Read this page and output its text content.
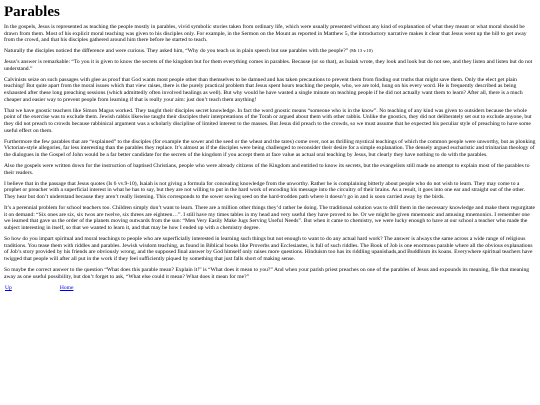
Parables

In the gospels, Jesus is represented as teaching the people mostly in parables, vivid symbolic stories taken from ordinary life, which were usually presented without any kind of explanation of what they meant or what moral should be drawn from them. Most of his explicit moral teaching was given to his disciples only. For example, in the Sermon on the Mount as reported in Matthew 5, the introductory narrative makes it clear that Jesus went up the hill to get away from the crowd, and that his disciples gathered around him there before he started to teach.

Naturally the disciples noticed the difference and were curious. They asked him, “Why do you teach us in plain speech but use parables with the people?” (Mt 13 v.10)

Jesus’s answer is remarkable: “To you it is given to know the secrets of the kingdom but for them everything comes in parables. Because (or so that), as Isaiah wrote, they look and look but do not see, and they listen and listen but do not understand.”

Calvinists seize on such passages with glee as proof that God wants most people other than themselves to be damned and has taken precautions to prevent them from finding out truths that might save them. Only the elect get plain teaching! But quite apart from the moral issues which that view raises, there is the purely practical problem that Jesus spent hours teaching the people, who, we are told, hung on his every word. He is frequently described as being exhausted after these long preaching sessions (which admittedly often involved healings as well). But why would he have wasted a single minute on teaching people if he did not actually want them to learn? After all, there is a much cheaper and easier way to prevent people from learning if that is really your aim: just don’t teach them anything!

That we have gnostic teachers like Simon Magus worked. They taught their disciples secret knowledge. In fact the word gnostic means “someone who is in the know”. No teaching of any kind was given to outsiders because the whole point of the exercise was to exclude them. Jewish rabbis likewise taught their disciples their interpretations of the Torah or argued about them with other rabbis. Unlike the gnostics, they did not deliberately set out to exclude anyone, but they did not preach to crowds because rabbinical argument was a scholarly discipline of limited interest to the masses. But Jesus did preach to the crowds, so we must assume that he expected his peculiar style of preaching to have some useful effect on them.

Furthermore the few parables that are “explained” to the disciples (for example the sower and the seed or the wheat and the tares) come over, not as thrilling mystical teachings of which the common people were unworthy, but as plonking Victorian-style allegories, far less interesting than the parables they replace. It’s almost as if the disciples were being challenged to reconsider their desire for a simple explanation. The densely argued eucharistic and trinitarian theology of the dialogues in the Gospel of John would be a far better candidate for the secrets of the kingdom if you accept them at face value as actual oral teaching by Jesus, but clearly they have nothing to do with the parables.

Also the gospels were written down for the instruction of baptised Christians, people who were already citizens of the Kingdom and entitled to know its secrets, but the evangelists still made no attempt to explain most of the parables to their readers.

I believe that in the passage that Jesus quotes (Is 6 vv.9-10), Isaiah is not giving a formula for concealing knowledge from the unworthy. Rather he is complaining bitterly about people who do not wish to learn. They may come to a prophet or preacher with a superficial interest in what he has to say, but they are not willing to put in the hard work of encoding his message into the circuitry of their brains. As a result, it goes into one ear and straight out of the other. They hear but don’t understand because they aren’t really listening. This corresponds to the sower sowing seed on the hard-trodden path where it doesn’t go in and is soon carried away by the birds.

It’s a perennial problem for school teachers too. Children simply don’t want to learn. There are a million other things they’d rather be doing. The traditional solution was to drill them in the necessary knowledge and make them regurgitate it on demand: “Six ones are six, six twos are twelve, six threes are eighteen…”. I still have my times tables in my head and very useful they have proved to be. Or we might be given mnemonic and amusing mnemonics. I remember one we learned that gave us the order of the planets moving outwards from the sun: “Men Very Easily Make Jugs Serving Useful Needs”. But when it came to chemistry, we were lucky enough to have at our school a teacher who made the subject interesting in itself, so that we wanted to learn it, and that may be how I ended up with a chemistry degree.

So how do you impart spiritual and moral teachings to people who are superficially interested in learning such things but not enough to want to do any actual hard work? The answer is always the same across a wide range of religious traditions. You tease them with riddles and parables. Jewish wisdom teaching, as found in Biblical books like Proverbs and Ecclesiastes, is full of such riddles. The Book of Job is one enormous parable where all the obvious explanations of Job’s story provided by his friends are obviously wrong, and the supposed final answer by God himself only raises more questions. Hinduism too has its riddling upanishads,and Buddhism its koans. Everywhere spiritual teachers have twigged that people will after all put in the work if they feel sufficiently piqued by something that just falls short of making sense.

So maybe the correct answer to the question “What does this parable mean? Explain it!” is “What does it mean to you?” And when your parish priest preaches on one of the parables of Jesus and expounds its meaning, file that meaning away as one useful possibility, but don’t forget to ask, “What else could it mean? What does it mean for me?”

Up	Home
